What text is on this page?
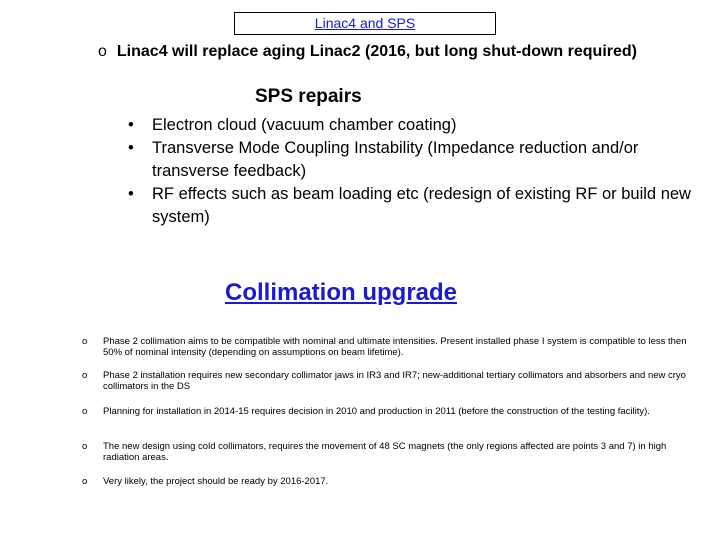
Linac4 and SPS
o Linac4 will replace aging Linac2 (2016, but long shut-down required)
SPS repairs
• Electron cloud (vacuum chamber coating)
• Transverse Mode Coupling Instability (Impedance reduction and/or transverse feedback)
• RF effects such as beam loading etc (redesign of existing RF or build new system)
Collimation upgrade
o Phase 2 collimation aims to be compatible with nominal and ultimate intensities. Present installed phase I system is compatible to less then 50% of nominal intensity (depending on assumptions on beam lifetime).
o Phase 2 installation requires new secondary collimator jaws in IR3 and IR7; new-additional tertiary collimators and absorbers and new cryo collimators in the DS
o Planning for installation in 2014-15 requires decision in 2010 and production in 2011 (before the construction of the testing facility).
o The new design using cold collimators, requires the movement of 48 SC magnets (the only regions affected are points 3 and 7) in high radiation areas.
o Very likely, the project should be ready by 2016-2017.
